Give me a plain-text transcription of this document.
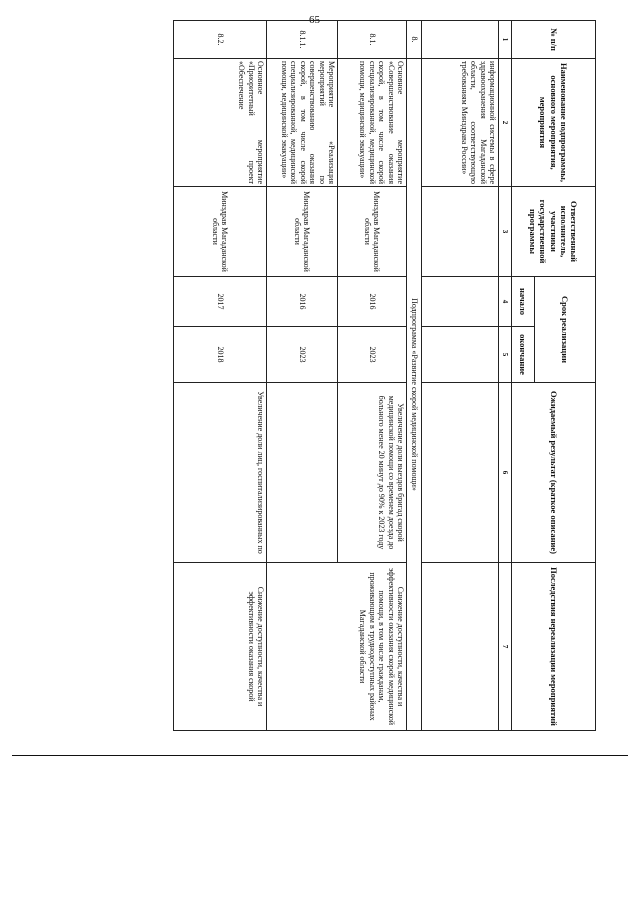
65
№ п/п	Наименование подпрограммы, основного мероприятия, мероприятия	Ответственный исполнитель, участники государственной программы	Срок реализации		Ожидаемый результат (краткое описание)	Последствия нереализации мероприятий
			начало	окончание		
1	2	3	4	5	6	7
	информационной системы в сфере здравоохранения Магаданской области, соответствующую требованиям Минздрава России»					
8.	Подпрограмма «Развитие скорой медицинской помощи»					
8.1.	Основное мероприятие «Совершенствование оказания скорой, в том числе скорой специализированной, медицинской помощи, медицинской эвакуации»	Минздрав Магаданской области	2016	2023	Увеличение доли выездов бригад скорой медицинской помощи со временем доезда до больного менее 20 минут до 90% к 2023 году	Снижение доступности, качества и эффективности оказания скорой медицинской помощи, в том числе гражданам, проживающим в труднодоступных районах Магаданской области
8.1.1.	Мероприятие «Реализация мероприятий по совершенствованию оказания скорой, в том числе скорой специализированной, медицинской помощи, медицинской эвакуации»	Минздрав Магаданской области	2016	2023		
8.2.	Основное мероприятие «Приоритетный проект «Обеспечение	Минздрав Магаданской области	2017	2018	Увеличение доли лиц, госпитализированных по	Снижение доступности, качества и эффективности оказания скорой
